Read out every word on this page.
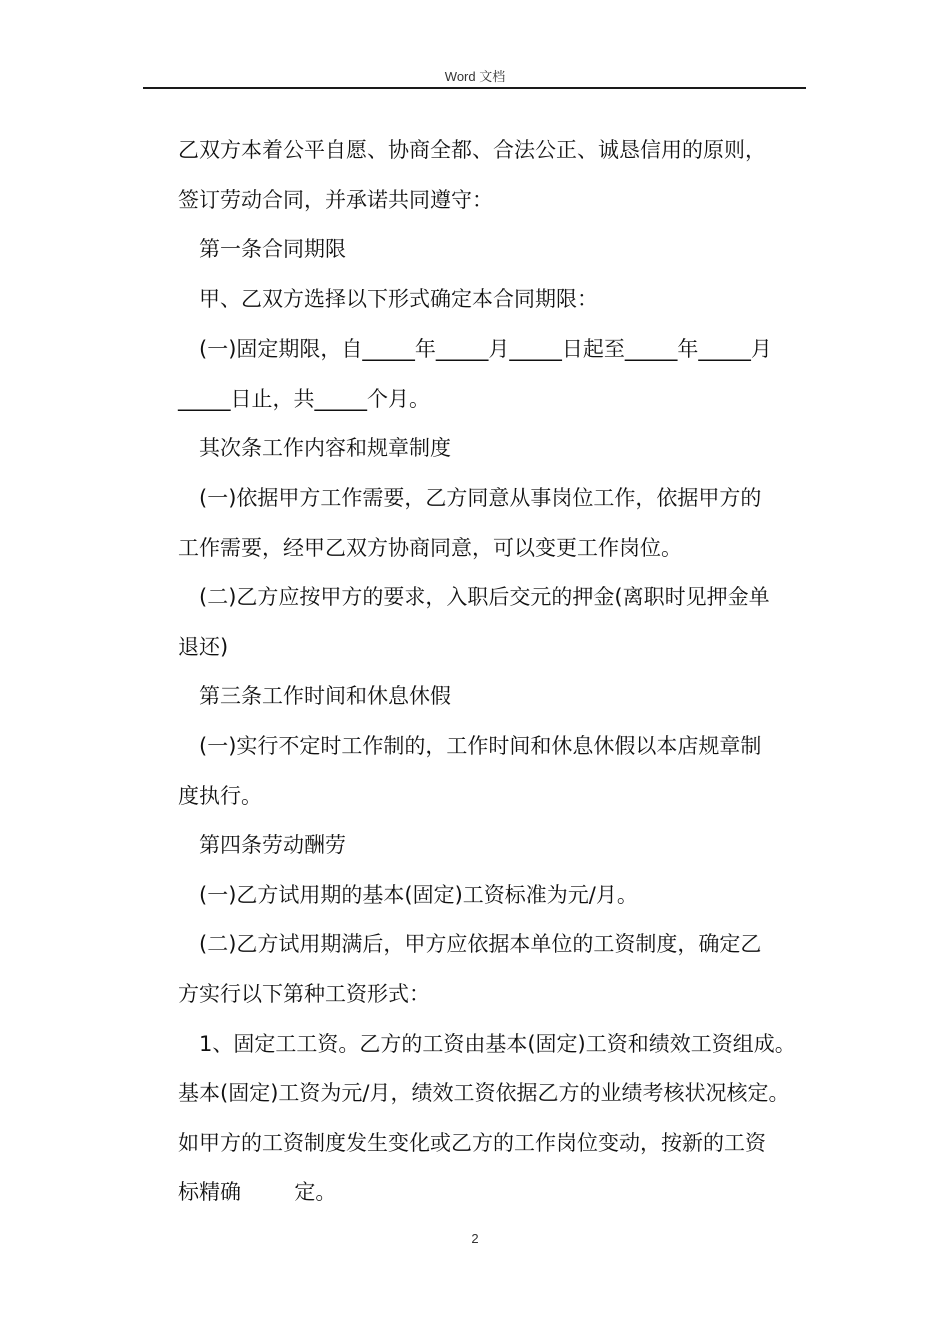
Word 文档
乙双方本着公平自愿、协商全都、合法公正、诚恳信用的原则，
签订劳动合同，并承诺共同遵守：
第一条合同期限
甲、乙双方选择以下形式确定本合同期限：
(一)固定期限，自_____年_____月_____日起至_____年_____月
_____日止，共_____个月。
其次条工作内容和规章制度
(一)依据甲方工作需要，乙方同意从事岗位工作，依据甲方的
工作需要，经甲乙双方协商同意，可以变更工作岗位。
(二)乙方应按甲方的要求，入职后交元的押金(离职时见押金单
退还)
第三条工作时间和休息休假
(一)实行不定时工作制的，工作时间和休息休假以本店规章制
度执行。
第四条劳动酬劳
(一)乙方试用期的基本(固定)工资标准为元/月。
(二)乙方试用期满后，甲方应依据本单位的工资制度，确定乙
方实行以下第种工资形式：
1、固定工工资。乙方的工资由基本(固定)工资和绩效工资组成。
基本(固定)工资为元/月，绩效工资依据乙方的业绩考核状况核定。
如甲方的工资制度发生变化或乙方的工作岗位变动，按新的工资
标精确        定。
2
